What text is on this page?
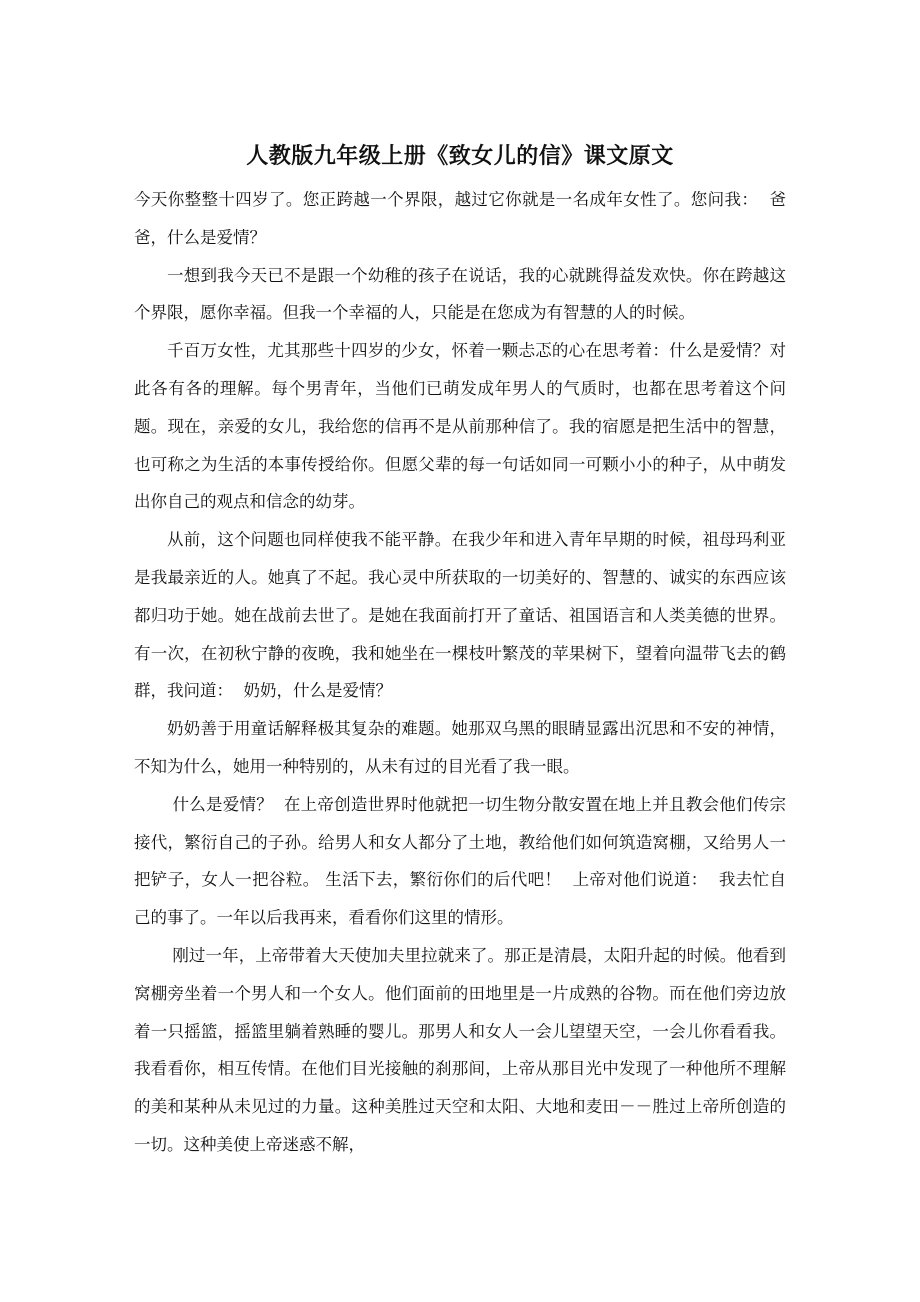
人教版九年级上册《致女儿的信》课文原文

今天你整整十四岁了。您正跨越一个界限，越过它你就是一名成年女性了。您问我：  爸爸，什么是爱情？

一想到我今天已不是跟一个幼稚的孩子在说话，我的心就跳得益发欢快。你在跨越这个界限，愿你幸福。但我一个幸福的人，只能是在您成为有智慧的人的时候。

千百万女性，尤其那些十四岁的少女，怀着一颗忐忑的心在思考着：什么是爱情？对此各有各的理解。每个男青年，当他们已萌发成年男人的气质时，也都在思考着这个问题。现在，亲爱的女儿，我给您的信再不是从前那种信了。我的宿愿是把生活中的智慧，也可称之为生活的本事传授给你。但愿父辈的每一句话如同一可颗小小的种子，从中萌发出你自己的观点和信念的幼芽。

从前，这个问题也同样使我不能平静。在我少年和进入青年早期的时候，祖母玛利亚是我最亲近的人。她真了不起。我心灵中所获取的一切美好的、智慧的、诚实的东西应该都归功于她。她在战前去世了。是她在我面前打开了童话、祖国语言和人类美德的世界。有一次，在初秋宁静的夜晚，我和她坐在一棵枝叶繁茂的苹果树下，望着向温带飞去的鹤群，我问道：  奶奶，什么是爱情？

奶奶善于用童话解释极其复杂的难题。她那双乌黑的眼睛显露出沉思和不安的神情，不知为什么，她用一种特别的，从未有过的目光看了我一眼。

什么是爱情？  在上帝创造世界时他就把一切生物分散安置在地上并且教会他们传宗接代，繁衍自己的子孙。给男人和女人都分了土地，教给他们如何筑造窝棚，又给男人一把铲子，女人一把谷粒。 生活下去，繁衍你们的后代吧！  上帝对他们说道：  我去忙自己的事了。一年以后我再来，看看你们这里的情形。

刚过一年，上帝带着大天使加夫里拉就来了。那正是清晨，太阳升起的时候。他看到窝棚旁坐着一个男人和一个女人。他们面前的田地里是一片成熟的谷物。而在他们旁边放着一只摇篮，摇篮里躺着熟睡的婴儿。那男人和女人一会儿望望天空，一会儿你看看我。我看看你，相互传情。在他们目光接触的刹那间，上帝从那目光中发现了一种他所不理解的美和某种从未见过的力量。这种美胜过天空和太阳、大地和麦田－－胜过上帝所创造的一切。这种美使上帝迷惑不解，
